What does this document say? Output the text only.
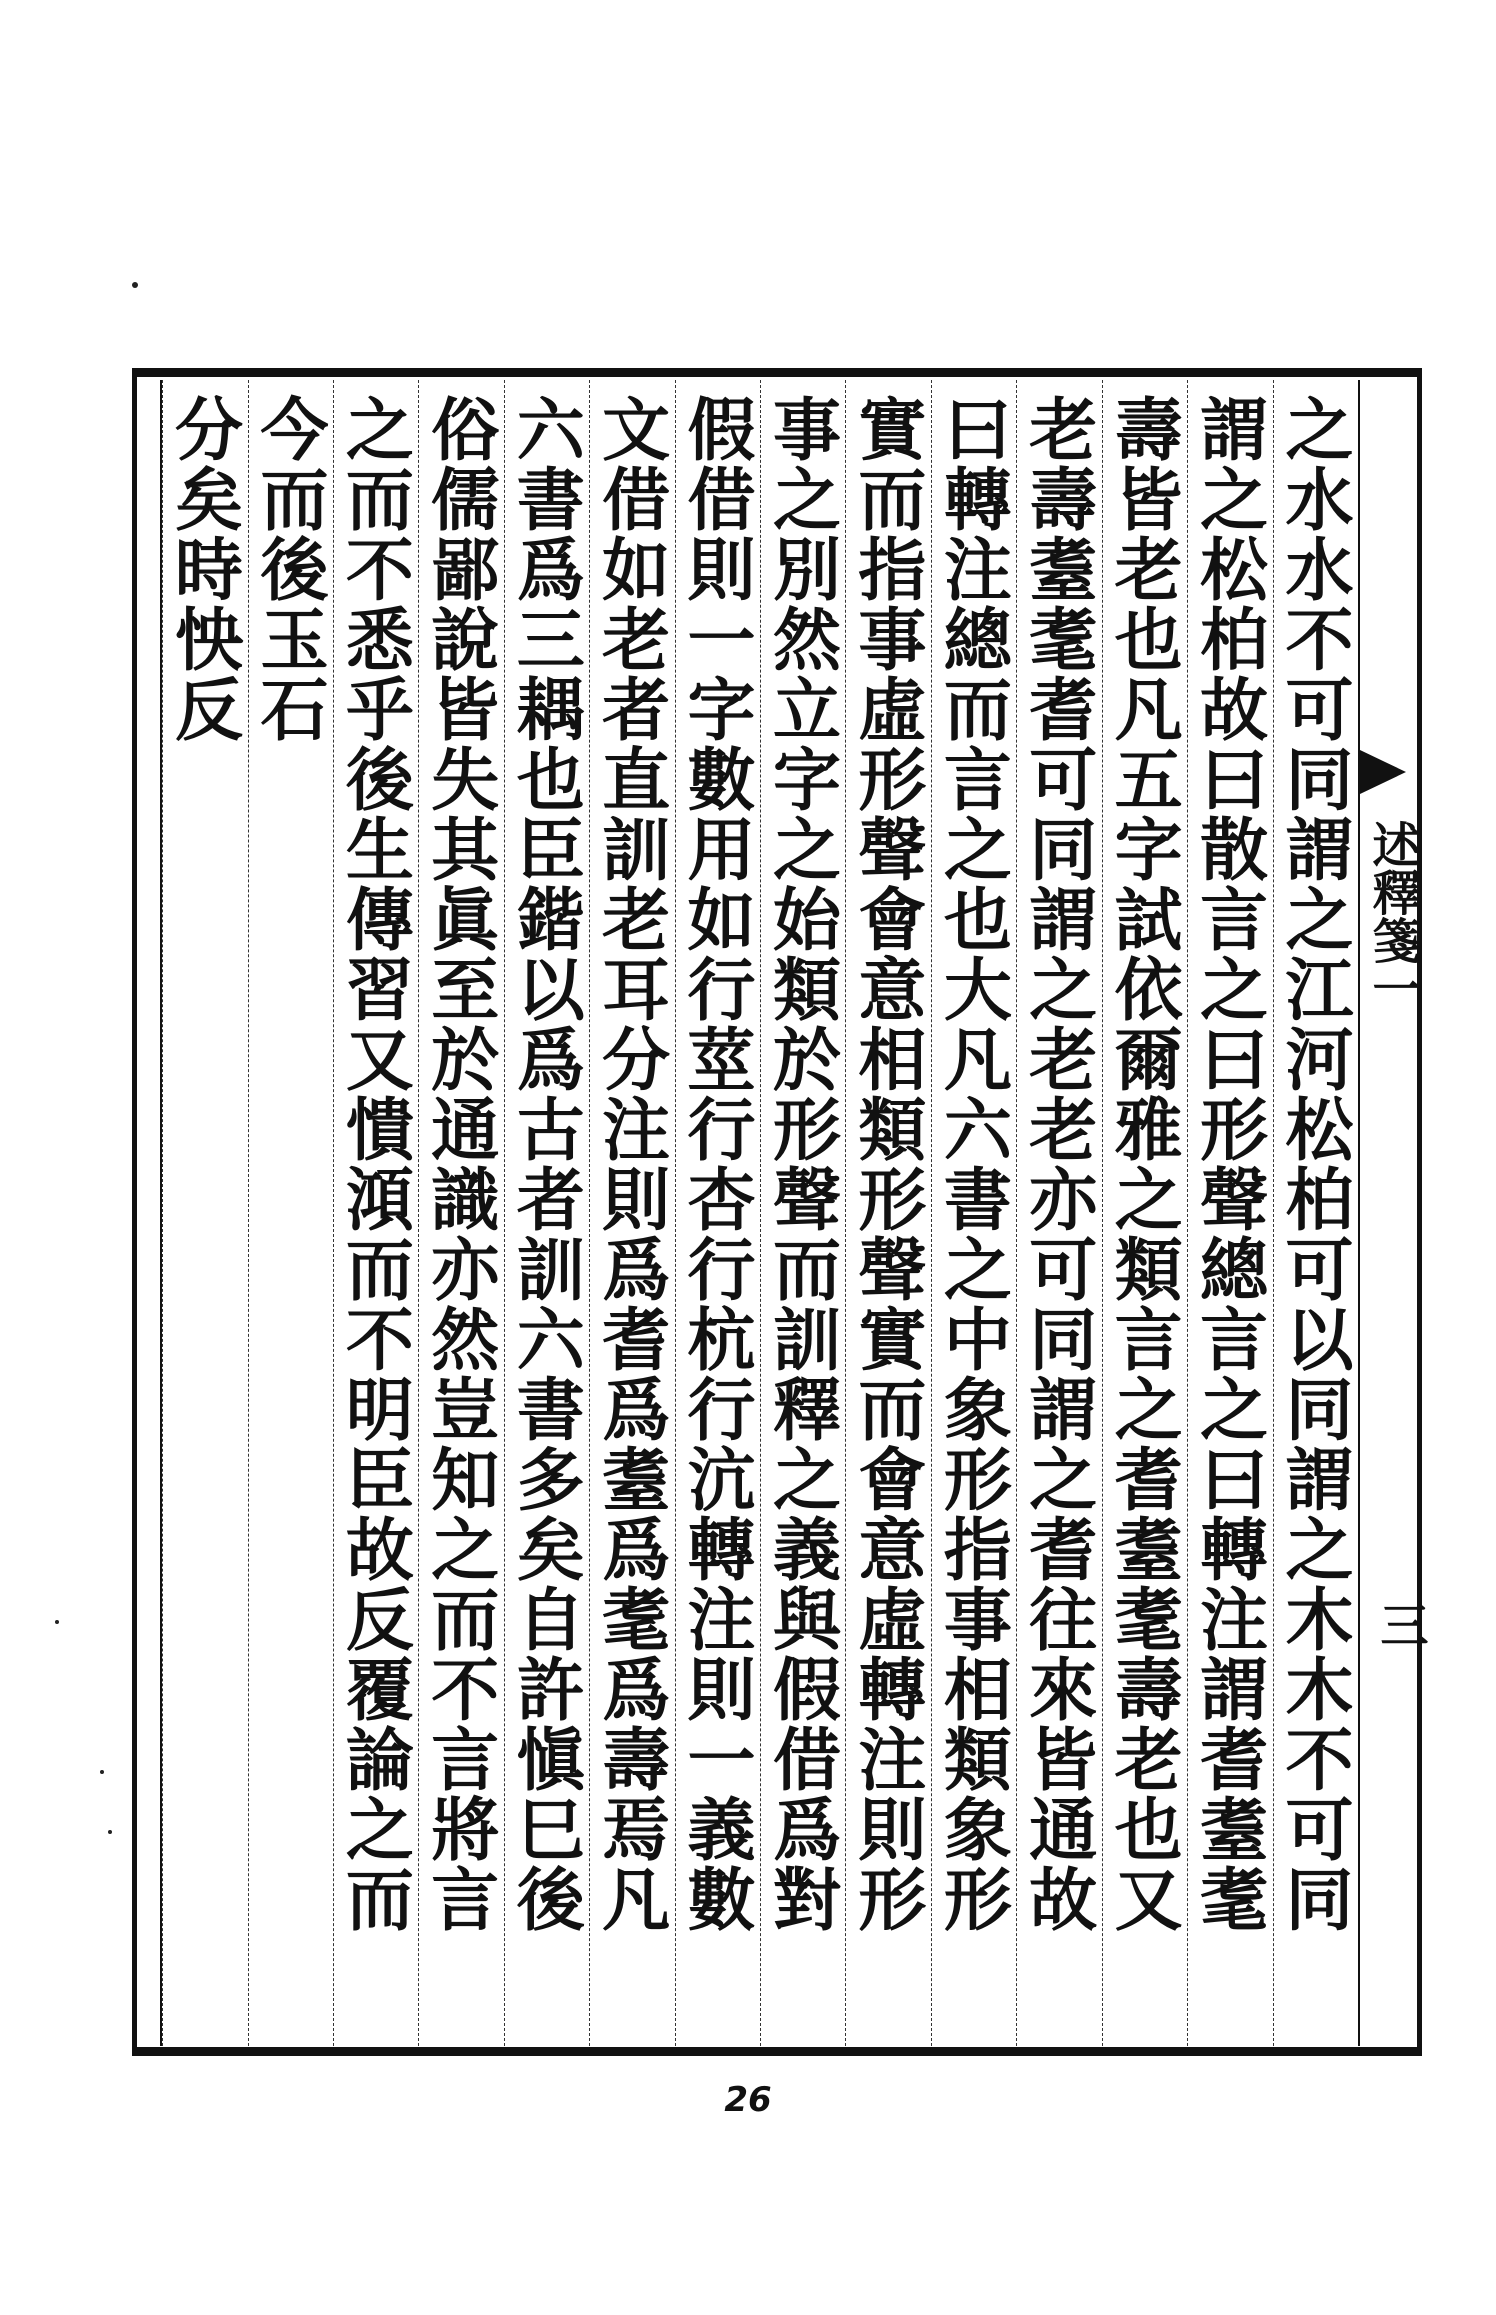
之水水不可同謂之江河松柏可以同謂之木木不可同
謂之松柏故曰散言之曰形聲總言之曰轉注謂耆耋耄
壽皆老也凡五字試依爾雅之類言之耆耋耄壽老也又
老壽耋耄耆可同謂之老老亦可同謂之耆往來皆通故
曰轉注總而言之也大凡六書之中象形指事相類象形
實而指事虛形聲會意相類形聲實而會意虛轉注則形
事之別然立字之始類於形聲而訓釋之義與假借爲對
假借則一字數用如行莖行杏行杭行沆轉注則一義數
文借如老者直訓老耳分注則爲耆爲耋爲耄爲壽焉凡
六書爲三耦也臣鍇以爲古者訓六書多矣自許愼巳後
俗儒鄙說皆失其眞至於通識亦然豈知之而不言將言
之而不悉乎後生傳習又憒澒而不明臣故反覆論之而
今而後玉石
分矣時怏反
述釋箋一
三
26
